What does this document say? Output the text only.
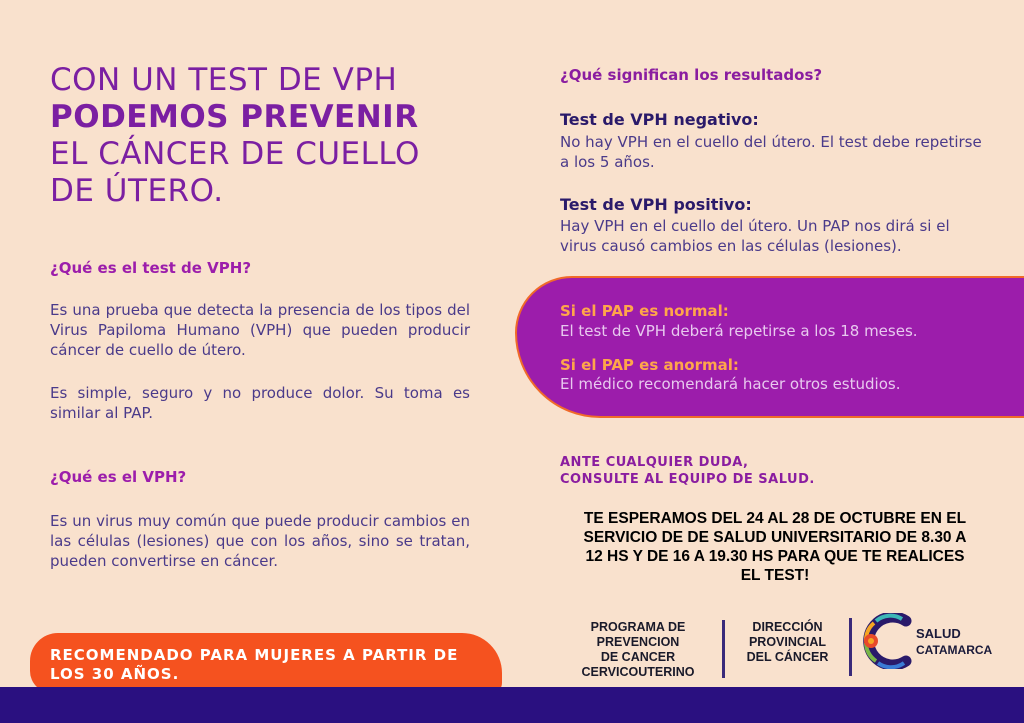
CON UN TEST DE VPH
PODEMOS PREVENIR
EL CÁNCER DE CUELLO
DE ÚTERO.
¿Qué es el test de VPH?
Es una prueba que detecta la presencia de los tipos del Virus Papiloma Humano (VPH) que pueden producir cáncer de cuello de útero.
Es simple, seguro y no produce dolor. Su toma es similar al PAP.
¿Qué es el VPH?
Es un virus muy común que puede producir cambios en las células (lesiones) que con los años, sino se tratan, pueden convertirse en cáncer.
RECOMENDADO PARA MUJERES A PARTIR DE LOS 30 AÑOS.
¿Qué significan los resultados?
Test de VPH negativo:
No hay VPH en el cuello del útero. El test debe repetirse a los 5 años.
Test de VPH positivo:
Hay VPH en el cuello del útero. Un PAP nos dirá si el virus causó cambios en las células (lesiones).
Si el PAP es normal:
El test de VPH deberá repetirse a los 18 meses.
Si el PAP es anormal:
El médico recomendará hacer otros estudios.
ANTE CUALQUIER DUDA,
CONSULTE AL EQUIPO DE SALUD.
TE ESPERAMOS DEL 24 AL 28 DE OCTUBRE EN EL SERVICIO DE DE SALUD UNIVERSITARIO DE 8.30 A 12 HS Y DE 16 A 19.30 HS PARA QUE TE REALICES EL TEST!
PROGRAMA DE
PREVENCION
DE CANCER
CERVICOUTERINO
DIRECCIÓN
PROVINCIAL
DEL CÁNCER
SALUD
CATAMARCA
